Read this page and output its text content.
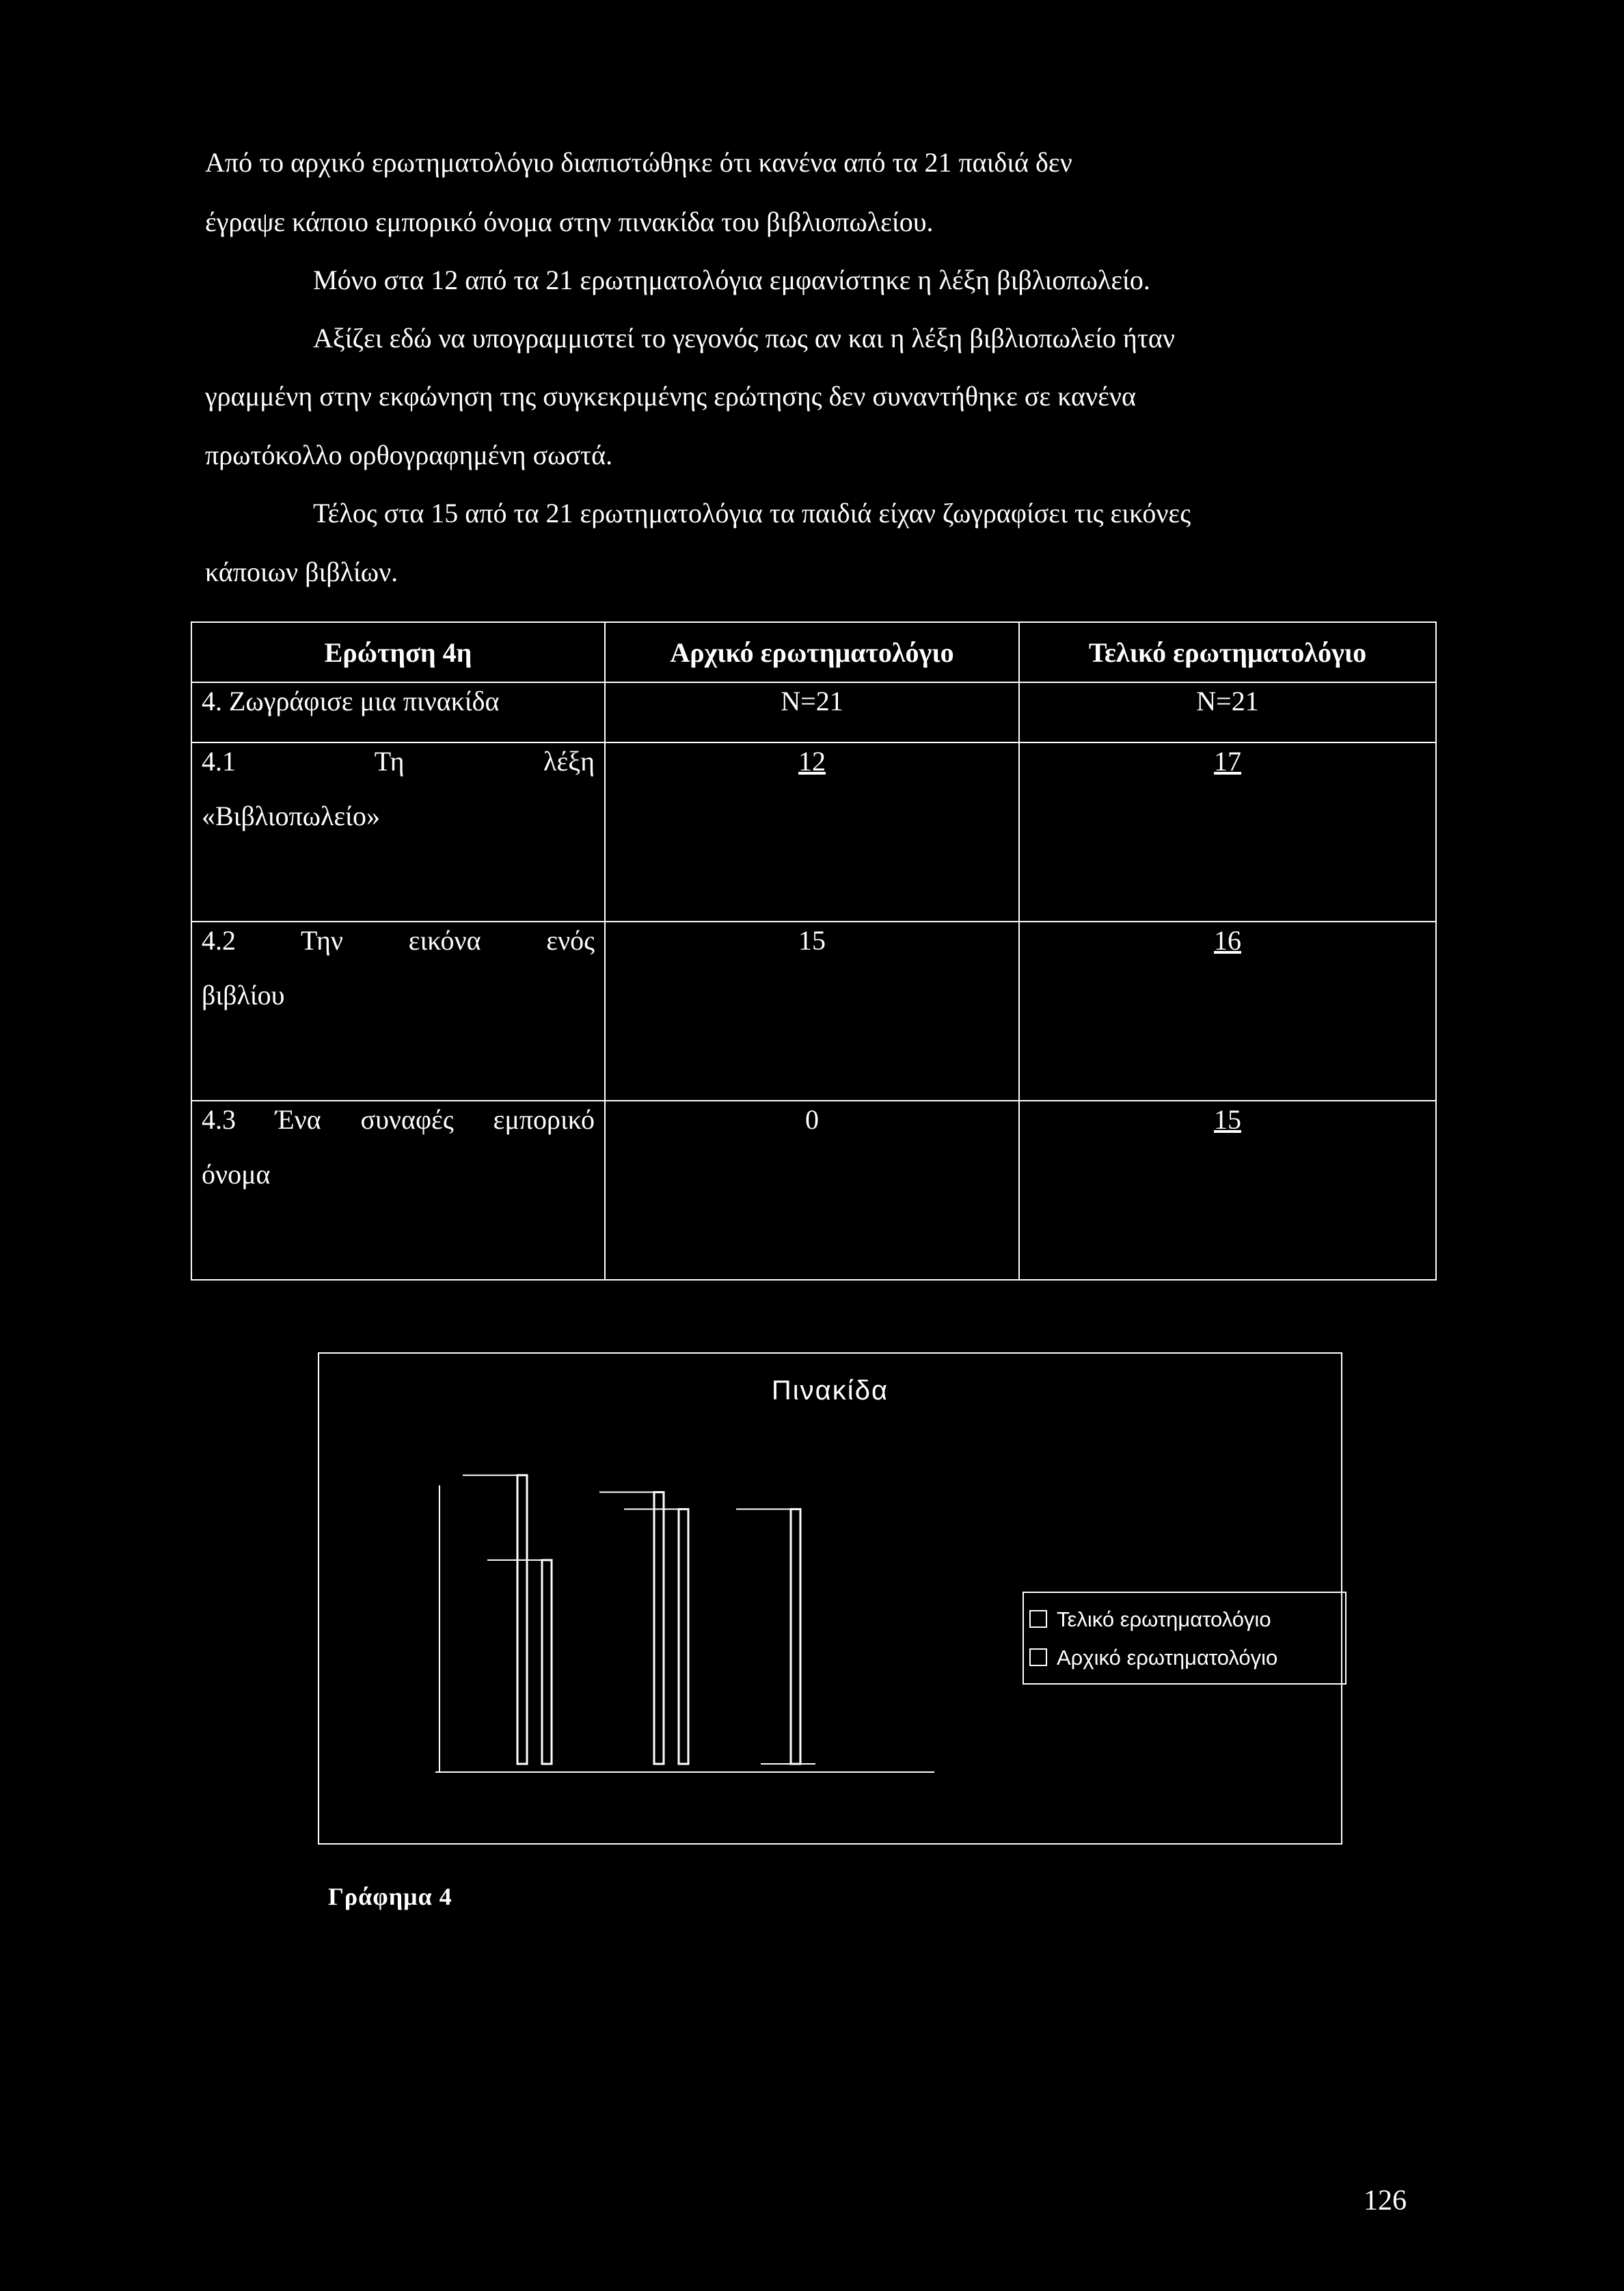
Από το αρχικό ερωτηματολόγιο διαπιστώθηκε ότι κανένα από τα 21 παιδιά δεν
έγραψε κάποιο εμπορικό όνομα στην πινακίδα του βιβλιοπωλείου.
Μόνο στα 12 από τα 21 ερωτηματολόγια εμφανίστηκε η λέξη βιβλιοπωλείο.
Αξίζει εδώ να υπογραμμιστεί το γεγονός πως αν και η λέξη βιβλιοπωλείο ήταν
γραμμένη στην εκφώνηση της συγκεκριμένης ερώτησης δεν συναντήθηκε σε κανένα
πρωτόκολλο ορθογραφημένη σωστά.
Τέλος στα 15 από τα 21 ερωτηματολόγια τα παιδιά είχαν ζωγραφίσει τις εικόνες
κάποιων βιβλίων.
Ερώτηση 4η	Αρχικό ερωτηματολόγιο	Τελικό ερωτηματολόγιο
4. Ζωγράφισε μια πινακίδα	N=21	N=21

4.1 Τη λέξη
«Βιβλιοπωλείο»	12	17

4.2 Την εικόνα ενός
βιβλίου	15	16

4.3 Ένα συναφές εμπορικό
όνομα	0	15
Πινακίδα
Τελικό ερωτηματολόγιο
Αρχικό ερωτηματολόγιο
Γράφημα 4
126
